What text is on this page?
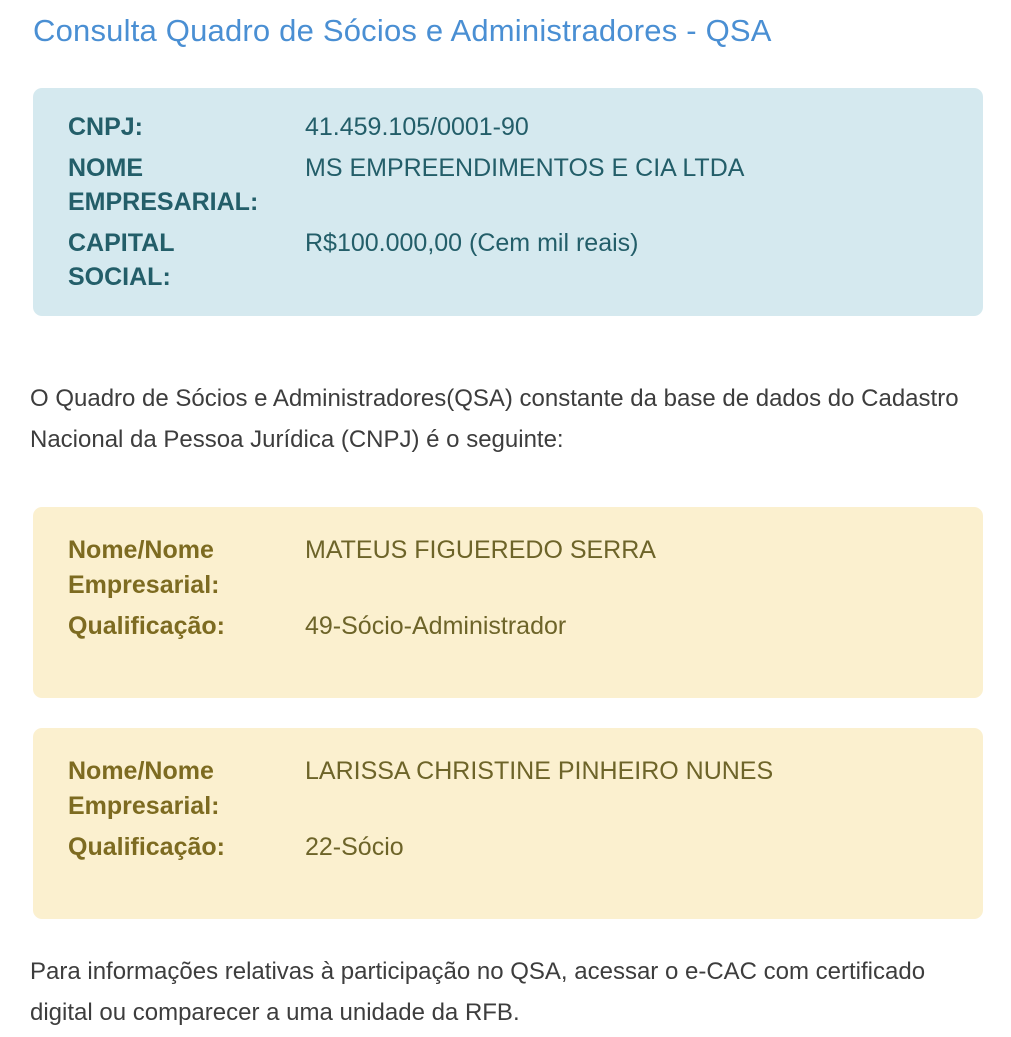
Consulta Quadro de Sócios e Administradores - QSA
CNPJ:	41.459.105/0001-90
NOME EMPRESARIAL:
MS EMPREENDIMENTOS E CIA LTDA
CAPITAL SOCIAL:
R$100.000,00 (Cem mil reais)

O Quadro de Sócios e Administradores(QSA) constante da base de dados do Cadastro Nacional da Pessoa Jurídica (CNPJ) é o seguinte:

Nome/Nome Empresarial:
MATEUS FIGUEREDO SERRA
Qualificação:	49-Sócio-Administrador
Nome/Nome Empresarial:
LARISSA CHRISTINE PINHEIRO NUNES
Qualificação:	22-Sócio

Para informações relativas à participação no QSA, acessar o e-CAC com certificado digital ou comparecer a uma unidade da RFB.
